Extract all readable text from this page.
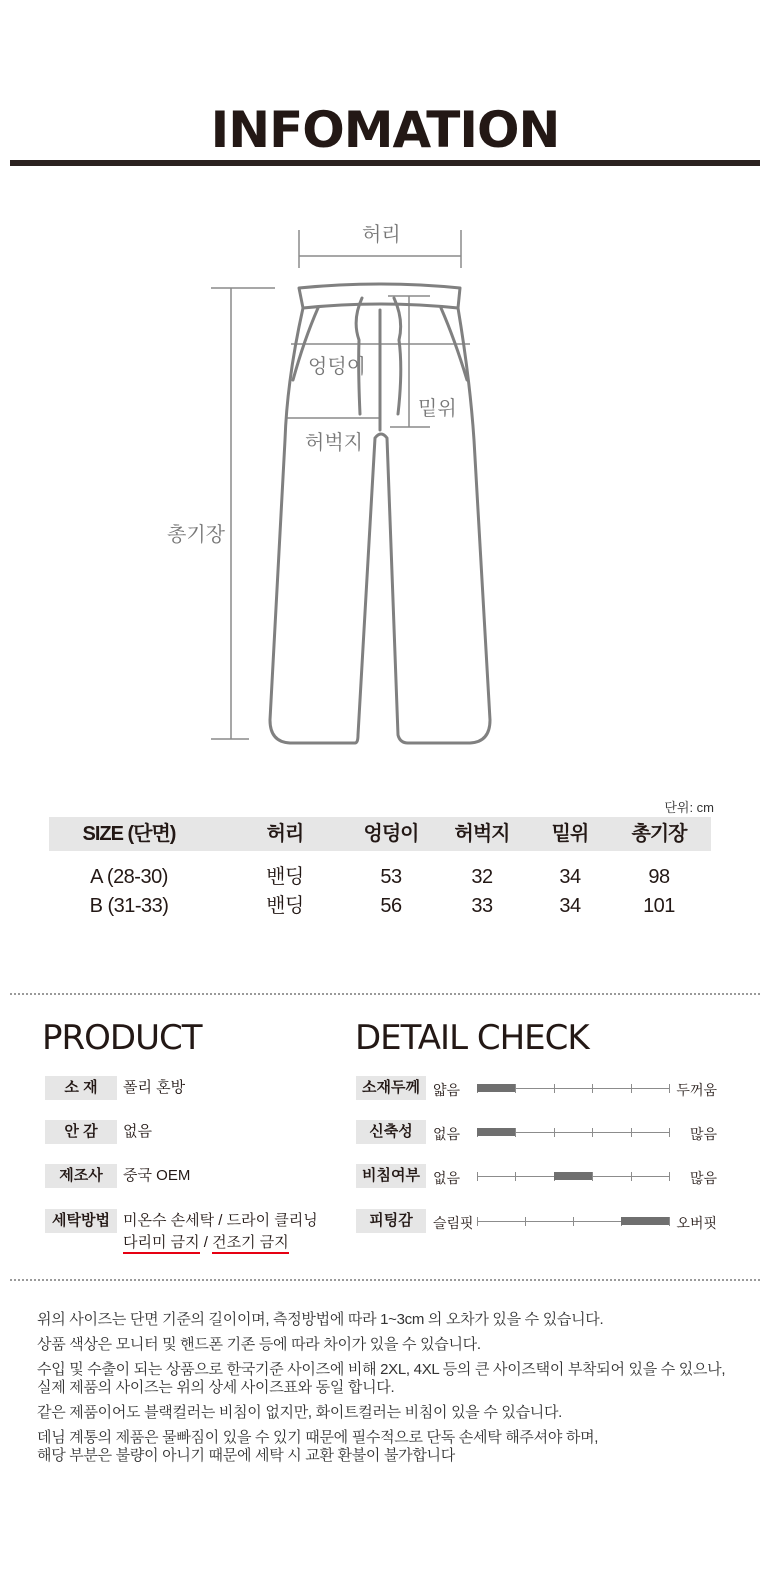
INFOMATION
허리
엉덩이
밑위
허벅지
총기장
단위: cm
SIZE (단면)	허리	엉덩이	허벅지	밑위	총기장
A (28-30)	밴딩	53	32	34	98
B (31-33)	밴딩	56	33	34	101
PRODUCT
소 재	폴리 혼방
안 감	없음
제조사	중국 OEM
세탁방법 미온수 손세탁 / 드라이 클리닝
다리미 금지 / 건조기 금지
DETAIL CHECK
소재두께 얇음	두꺼움
신축성	없음	많음
비침여부 없음	많음
피팅감	슬림핏	오버핏
위의 사이즈는 단면 기준의 길이이며, 측정방법에 따라 1~3cm 의 오차가 있을 수 있습니다.
상품 색상은 모니터 및 핸드폰 기존 등에 따라 차이가 있을 수 있습니다.
수입 및 수출이 되는 상품으로 한국기준 사이즈에 비해 2XL, 4XL 등의 큰 사이즈택이 부착되어 있을 수 있으나,
실제 제품의 사이즈는 위의 상세 사이즈표와 동일 합니다.
같은 제품이어도 블랙컬러는 비침이 없지만, 화이트컬러는 비침이 있을 수 있습니다.
데님 계통의 제품은 물빠짐이 있을 수 있기 때문에 필수적으로 단독 손세탁 해주셔야 하며,
해당 부분은 불량이 아니기 때문에 세탁 시 교환 환불이 불가합니다
